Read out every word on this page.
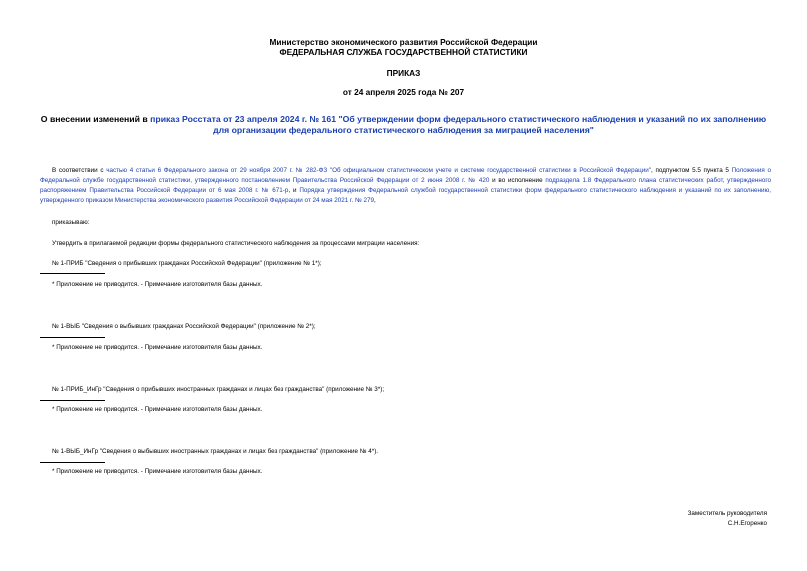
Министерство экономического развития Российской Федерации
ФЕДЕРАЛЬНАЯ СЛУЖБА ГОСУДАРСТВЕННОЙ СТАТИСТИКИ
ПРИКАЗ
от 24 апреля 2025 года № 207
О внесении изменений в приказ Росстата от 23 апреля 2024 г. № 161 "Об утверждении форм федерального статистического наблюдения и указаний по их заполнению для организации федерального статистического наблюдения за миграцией населения"
В соответствии с частью 4 статьи 6 Федерального закона от 29 ноября 2007 г. № 282-ФЗ "Об официальном статистическом учете и системе государственной статистики в Российской Федерации", подпунктом 5.5 пункта 5 Положения о Федеральной службе государственной статистики, утвержденного постановлением Правительства Российской Федерации от 2 июня 2008 г. № 420 и во исполнение подраздела 1.8 Федерального плана статистических работ, утвержденного распоряжением Правительства Российской Федерации от 6 мая 2008 г. № 671-р, и Порядка утверждения Федеральной службой государственной статистики форм федерального статистического наблюдения и указаний по их заполнению, утвержденного приказом Министерства экономического развития Российской Федерации от 24 мая 2021 г. № 279,
приказываю:
Утвердить в прилагаемой редакции формы федерального статистического наблюдения за процессами миграции населения:
№ 1-ПРИБ "Сведения о прибывших гражданах Российской Федерации" (приложение № 1*);
* Приложение не приводится. - Примечание изготовителя базы данных.
№ 1-ВЫБ "Сведения о выбывших гражданах Российской Федерации" (приложение № 2*);
* Приложение не приводится. - Примечание изготовителя базы данных.
№ 1-ПРИБ_ИнГр "Сведения о прибывших иностранных гражданах и лицах без гражданства" (приложение № 3*);
* Приложение не приводится. - Примечание изготовителя базы данных.
№ 1-ВЫБ_ИнГр "Сведения о выбывших иностранных гражданах и лицах без гражданства" (приложение № 4*).
* Приложение не приводится. - Примечание изготовителя базы данных.
Заместитель руководителя
С.Н.Егоренко
